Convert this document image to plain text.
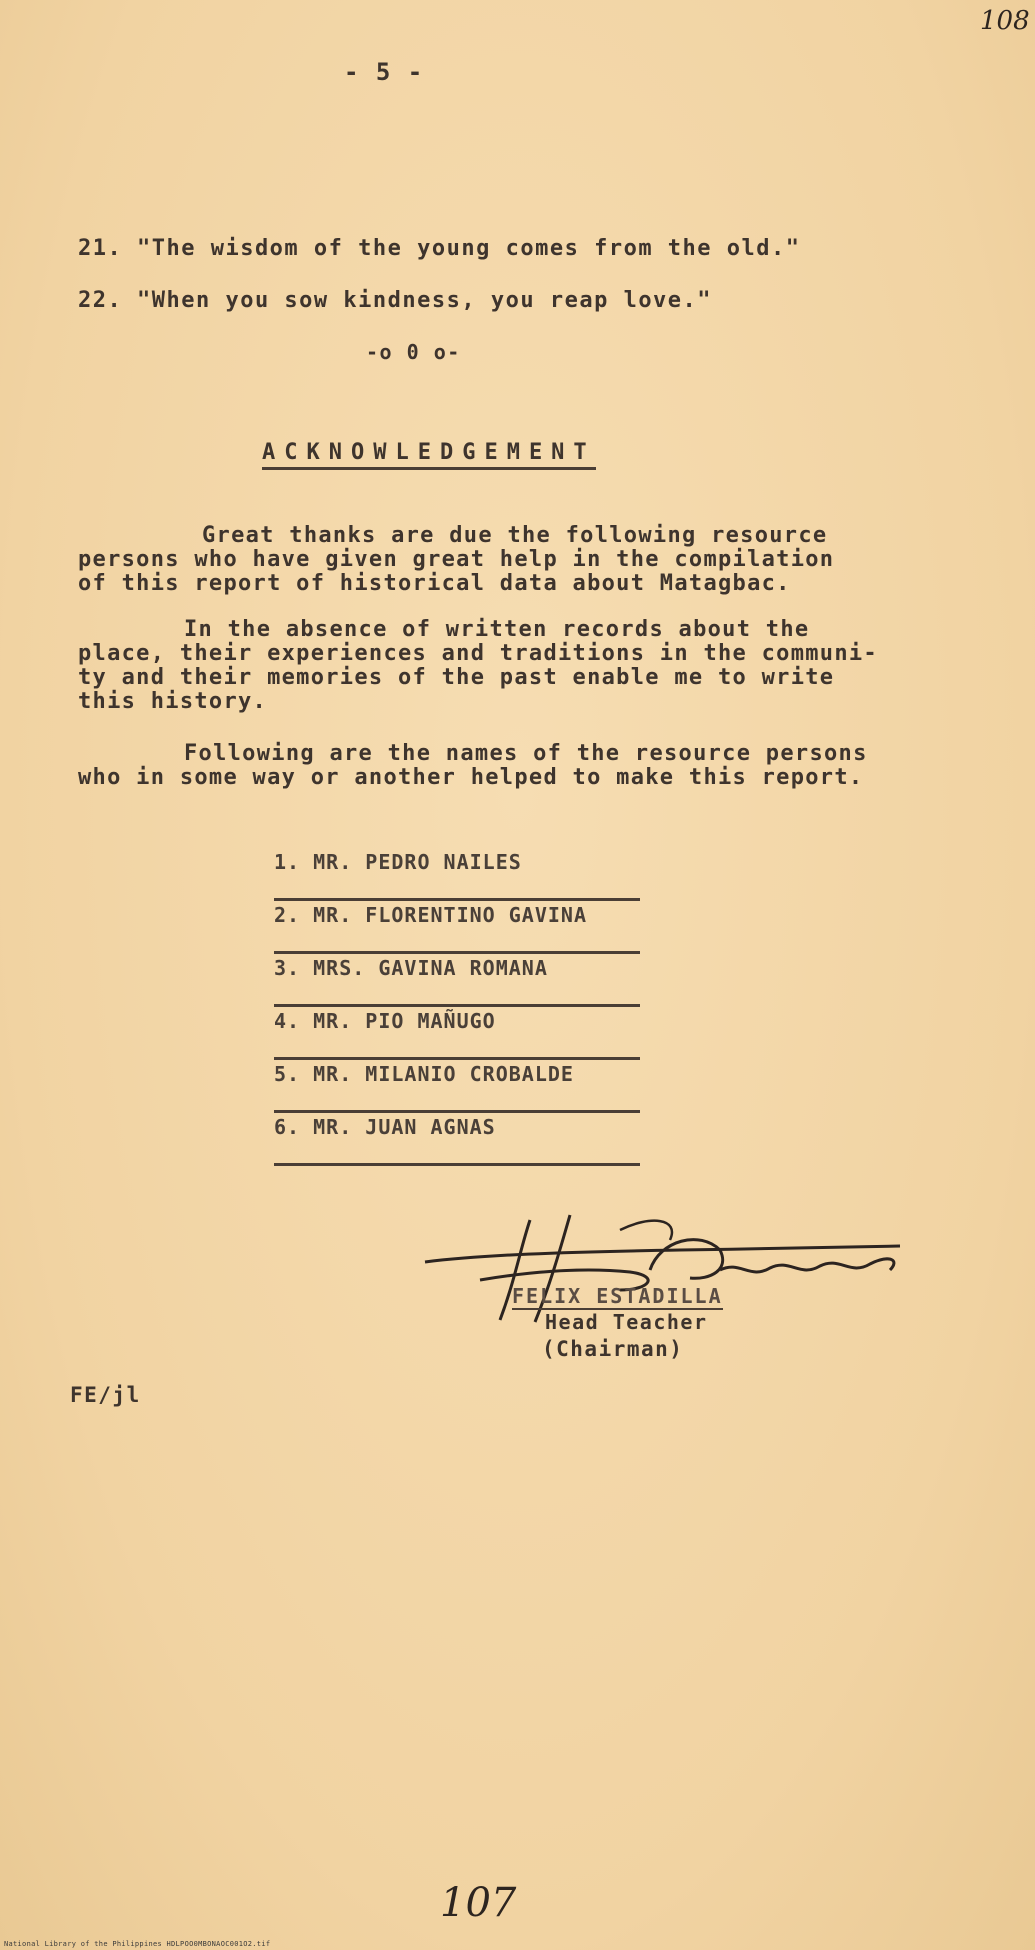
108
- 5 -
21. "The wisdom of the young comes from the old."
22. "When you sow kindness, you reap love."
-o 0 o-
ACKNOWLEDGEMENT
Great thanks are due the following resource
persons who have given great help in the compilation
of this report of historical data about Matagbac.
In the absence of written records about the
place, their experiences and traditions in the communi-
ty and their memories of the past enable me to write
this history.
Following are the names of the resource persons
who in some way or another helped to make this report.
1. MR. PEDRO NAILES
2. MR. FLORENTINO GAVINA
3. MRS. GAVINA ROMANA
4. MR. PIO MAÑUGO
5. MR. MILANIO CROBALDE
6. MR. JUAN AGNAS
FELIX ESTADILLA
Head Teacher
(Chairman)
FE/jl
107
National Library of the Philippines HDLPOO0MBONAOC001O2.tif
